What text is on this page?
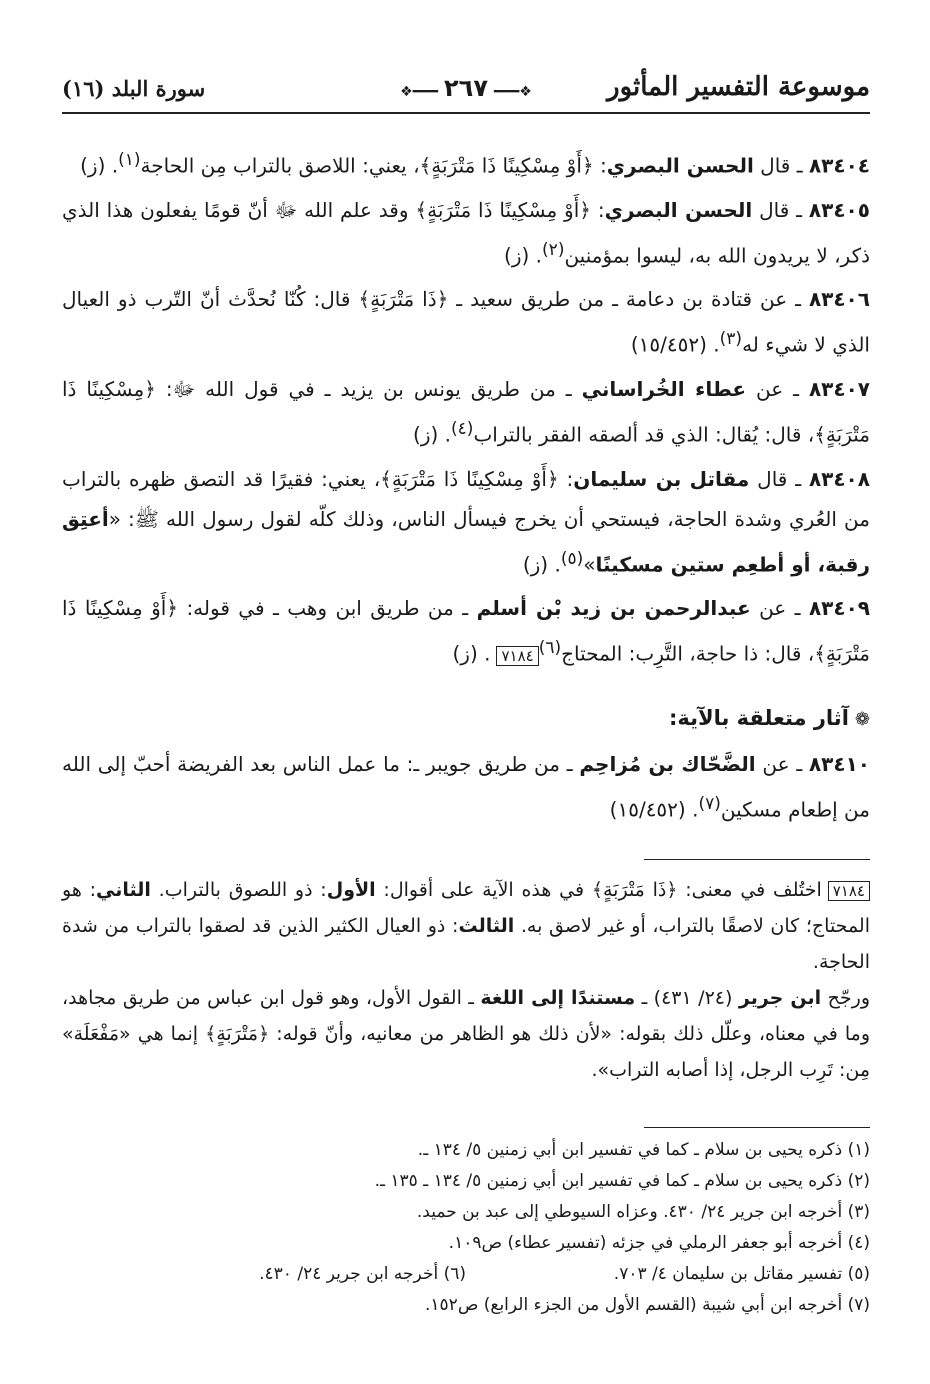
موسوعة التفسير المأثور
❖━━━٢٦٧━━━❖
سورة البلد (١٦)

٨٣٤٠٤ ـ قال الحسن البصري: ﴿أَوْ مِسْكِينًا ذَا مَتْرَبَةٍ﴾، يعني: اللاصق بالتراب مِن الحاجة$^{(١)}$. (ز)

٨٣٤٠٥ ـ قال الحسن البصري: ﴿أَوْ مِسْكِينًا ذَا مَتْرَبَةٍ﴾ وقد علم الله ﷻ أنّ قومًا يفعلون هذا الذي ذكر، لا يريدون الله به، ليسوا بمؤمنين$^{(٢)}$. (ز)

٨٣٤٠٦ ـ عن قتادة بن دعامة ـ من طريق سعيد ـ ﴿ذَا مَتْرَبَةٍ﴾ قال: كُنّا نُحدَّث أنّ التّرب ذو العيال الذي لا شيء له$^{(٣)}$. (١٥/٤٥٢)

٨٣٤٠٧ ـ عن عطاء الخُراساني ـ من طريق يونس بن يزيد ـ في قول الله ﷻ: ﴿مِسْكِينًا ذَا مَتْرَبَةٍ﴾، قال: يُقال: الذي قد ألصقه الفقر بالتراب$^{(٤)}$. (ز)

٨٣٤٠٨ ـ قال مقاتل بن سليمان: ﴿أَوْ مِسْكِينًا ذَا مَتْرَبَةٍ﴾، يعني: فقيرًا قد التصق ظهره بالتراب من العُري وشدة الحاجة، فيستحي أن يخرج فيسأل الناس، وذلك كلّه لقول رسول الله ﷺ: «أعتِق رقبة، أو أطعِم ستين مسكينًا»$^{(٥)}$. (ز)

٨٣٤٠٩ ـ عن عبدالرحمن بن زيد بْن أسلم ـ من طريق ابن وهب ـ في قوله: ﴿أَوْ مِسْكِينًا ذَا مَتْرَبَةٍ﴾، قال: ذا حاجة، التَّرِب: المحتاج$^{(٦)}$٧١٨٤. (ز)

❁آثار متعلقة بالآية:

٨٣٤١٠ ـ عن الضَّحّاك بن مُزاحِم ـ من طريق جويبر ـ: ما عمل الناس بعد الفريضة أحبّ إلى الله من إطعام مسكين$^{(٧)}$. (١٥/٤٥٢)

٧١٨٤اختُلف في معنى: ﴿ذَا مَتْرَبَةٍ﴾ في هذه الآية على أقوال: الأول: ذو اللصوق بالتراب. الثاني: هو المحتاج؛ كان لاصقًا بالتراب، أو غير لاصق به. الثالث: ذو العيال الكثير الذين قد لصقوا بالتراب من شدة الحاجة.

ورجّح ابن جرير (٢٤/ ٤٣١) ـ مستندًا إلى اللغة ـ القول الأول، وهو قول ابن عباس من طريق مجاهد، وما في معناه، وعلّل ذلك بقوله: «لأن ذلك هو الظاهر من معانيه، وأنّ قوله: ﴿مَتْرَبَةٍ﴾ إنما هي «مَفْعَلَة» مِن: تَرِب الرجل، إذا أصابه التراب».

(١) ذكره يحيى بن سلام ـ كما في تفسير ابن أبي زمنين ٥/ ١٣٤ ـ.
(٢) ذكره يحيى بن سلام ـ كما في تفسير ابن أبي زمنين ٥/ ١٣٤ ـ ١٣٥ ـ.
(٣) أخرجه ابن جرير ٢٤/ ٤٣٠. وعزاه السيوطي إلى عبد بن حميد.
(٤) أخرجه أبو جعفر الرملي في جزئه (تفسير عطاء) ص١٠٩.
(٥) تفسير مقاتل بن سليمان ٤/ ٧٠٣.
(٦) أخرجه ابن جرير ٢٤/ ٤٣٠.
(٧) أخرجه ابن أبي شيبة (القسم الأول من الجزء الرابع) ص١٥٢.
